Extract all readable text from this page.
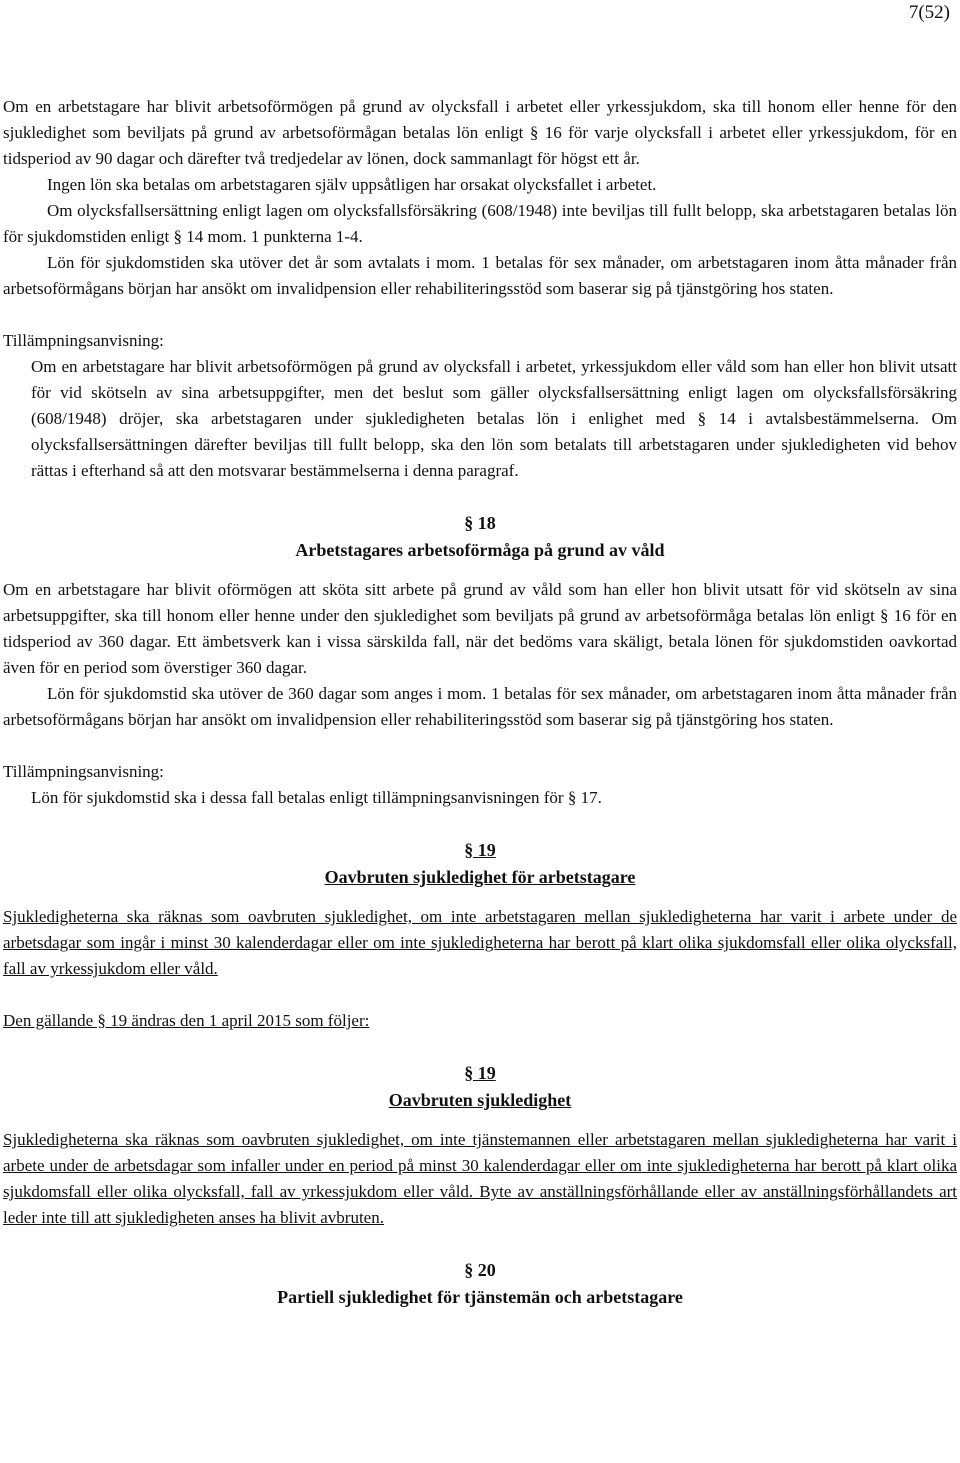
7(52)

Om en arbetstagare har blivit arbetsoförmögen på grund av olycksfall i arbetet eller yrkessjukdom, ska till honom eller henne för den sjukledighet som beviljats på grund av arbetsoförmågan betalas lön enligt § 16 för varje olycksfall i arbetet eller yrkessjukdom, för en tidsperiod av 90 dagar och därefter två tredjedelar av lönen, dock sammanlagt för högst ett år.

Ingen lön ska betalas om arbetstagaren själv uppsåtligen har orsakat olycksfallet i arbetet.

Om olycksfallsersättning enligt lagen om olycksfallsförsäkring (608/1948) inte beviljas till fullt belopp, ska arbetstagaren betalas lön för sjukdomstiden enligt § 14 mom. 1 punkterna 1-4.

Lön för sjukdomstiden ska utöver det år som avtalats i mom. 1 betalas för sex månader, om arbetstagaren inom åtta månader från arbetsoförmågans början har ansökt om invalidpension eller rehabiliteringsstöd som baserar sig på tjänstgöring hos staten.

Tillämpningsanvisning:

Om en arbetstagare har blivit arbetsoförmögen på grund av olycksfall i arbetet, yrkessjukdom eller våld som han eller hon blivit utsatt för vid skötseln av sina arbetsuppgifter, men det beslut som gäller olycksfallsersättning enligt lagen om olycksfallsförsäkring (608/1948) dröjer, ska arbetstagaren under sjukledigheten betalas lön i enlighet med § 14 i avtalsbestämmelserna. Om olycksfallsersättningen därefter beviljas till fullt belopp, ska den lön som betalats till arbetstagaren under sjukledigheten vid behov rättas i efterhand så att den motsvarar bestämmelserna i denna paragraf.

§ 18
Arbetstagares arbetsoförmåga på grund av våld

Om en arbetstagare har blivit oförmögen att sköta sitt arbete på grund av våld som han eller hon blivit utsatt för vid skötseln av sina arbetsuppgifter, ska till honom eller henne under den sjukledighet som beviljats på grund av arbetsoförmåga betalas lön enligt § 16 för en tidsperiod av 360 dagar. Ett ämbetsverk kan i vissa särskilda fall, när det bedöms vara skäligt, betala lönen för sjukdomstiden oavkortad även för en period som överstiger 360 dagar.

Lön för sjukdomstid ska utöver de 360 dagar som anges i mom. 1 betalas för sex månader, om arbetstagaren inom åtta månader från arbetsoförmågans början har ansökt om invalidpension eller rehabiliteringsstöd som baserar sig på tjänstgöring hos staten.

Tillämpningsanvisning:

Lön för sjukdomstid ska i dessa fall betalas enligt tillämpningsanvisningen för § 17.

§ 19
Oavbruten sjukledighet för arbetstagare

Sjukledigheterna ska räknas som oavbruten sjukledighet, om inte arbetstagaren mellan sjukledigheterna har varit i arbete under de arbetsdagar som ingår i minst 30 kalenderdagar eller om inte sjukledigheterna har berott på klart olika sjukdomsfall eller olika olycksfall, fall av yrkessjukdom eller våld.

Den gällande § 19 ändras den 1 april 2015 som följer:

§ 19
Oavbruten sjukledighet

Sjukledigheterna ska räknas som oavbruten sjukledighet, om inte tjänstemannen eller arbetstagaren mellan sjukledigheterna har varit i arbete under de arbetsdagar som infaller under en period på minst 30 kalenderdagar eller om inte sjukledigheterna har berott på klart olika sjukdomsfall eller olika olycksfall, fall av yrkessjukdom eller våld. Byte av anställningsförhållande eller av anställningsförhållandets art leder inte till att sjukledigheten anses ha blivit avbruten.

§ 20
Partiell sjukledighet för tjänstemän och arbetstagare
